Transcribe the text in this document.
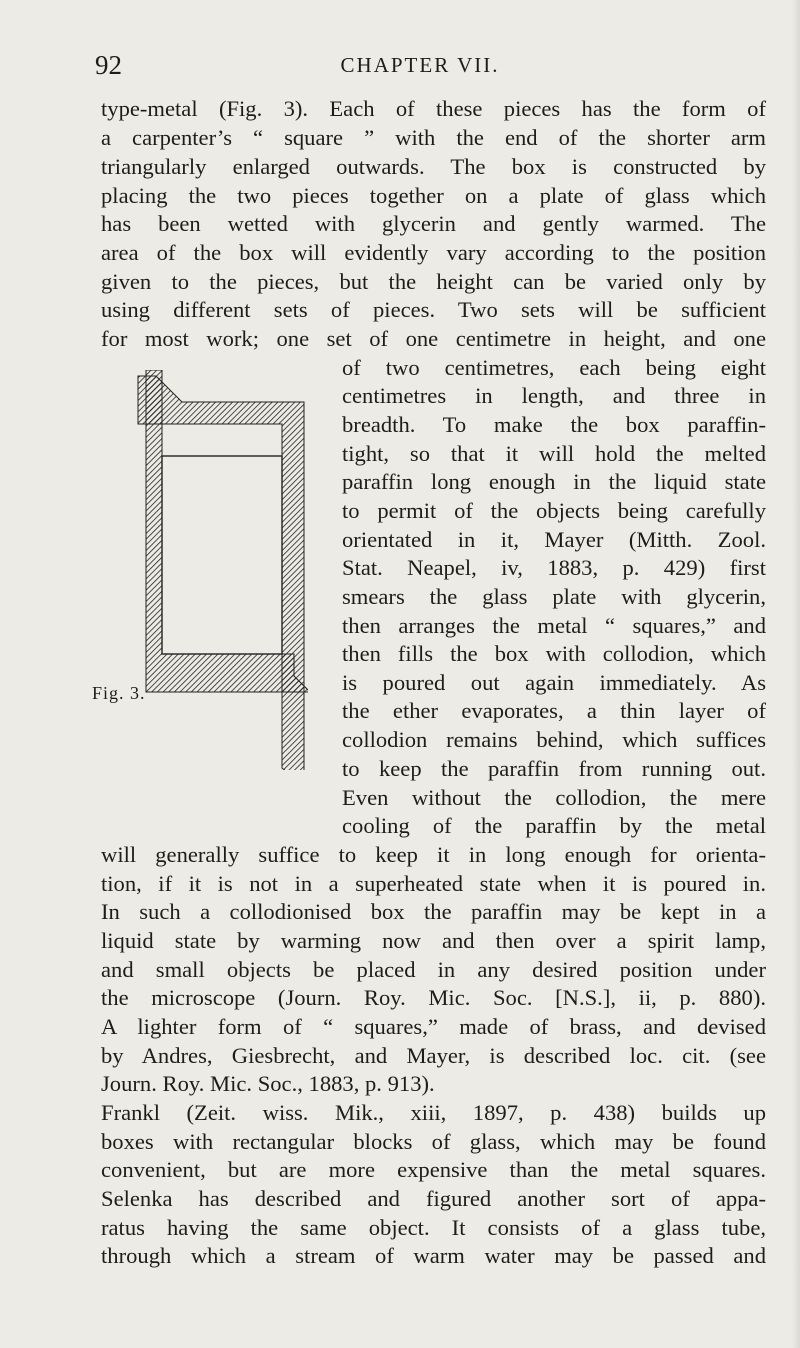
92	CHAPTER VII.
type-metal (Fig. 3). Each of these pieces has the form of
a carpenter’s “ square ” with the end of the shorter arm
triangularly enlarged outwards. The box is constructed by
placing the two pieces together on a plate of glass which
has been wetted with glycerin and gently warmed. The
area of the box will evidently vary according to the position
given to the pieces, but the height can be varied only by
using different sets of pieces. Two sets will be sufficient
for most work; one set of one centimetre in height, and one
of two centimetres, each being eight
centimetres in length, and three in
breadth. To make the box paraffin-
tight, so that it will hold the melted
paraffin long enough in the liquid state
to permit of the objects being carefully
orientated in it, Mayer (Mitth. Zool.
Stat. Neapel, iv, 1883, p. 429) first
smears the glass plate with glycerin,
then arranges the metal “ squares,” and
then fills the box with collodion, which
is poured out again immediately. As
the ether evaporates, a thin layer of
collodion remains behind, which suffices
to keep the paraffin from running out.
Even without the collodion, the mere
cooling of the paraffin by the metal
will generally suffice to keep it in long enough for orienta-
tion, if it is not in a superheated state when it is poured in.
In such a collodionised box the paraffin may be kept in a
liquid state by warming now and then over a spirit lamp,
and small objects be placed in any desired position under
the microscope (Journ. Roy. Mic. Soc. [N.S.], ii, p. 880).
A lighter form of “ squares,” made of brass, and devised
by Andres, Giesbrecht, and Mayer, is described loc. cit. (see
Journ. Roy. Mic. Soc., 1883, p. 913).
Frankl (Zeit. wiss. Mik., xiii, 1897, p. 438) builds up
boxes with rectangular blocks of glass, which may be found
convenient, but are more expensive than the metal squares.
Selenka has described and figured another sort of appa-
ratus having the same object. It consists of a glass tube,
through which a stream of warm water may be passed and
Fig. 3.
